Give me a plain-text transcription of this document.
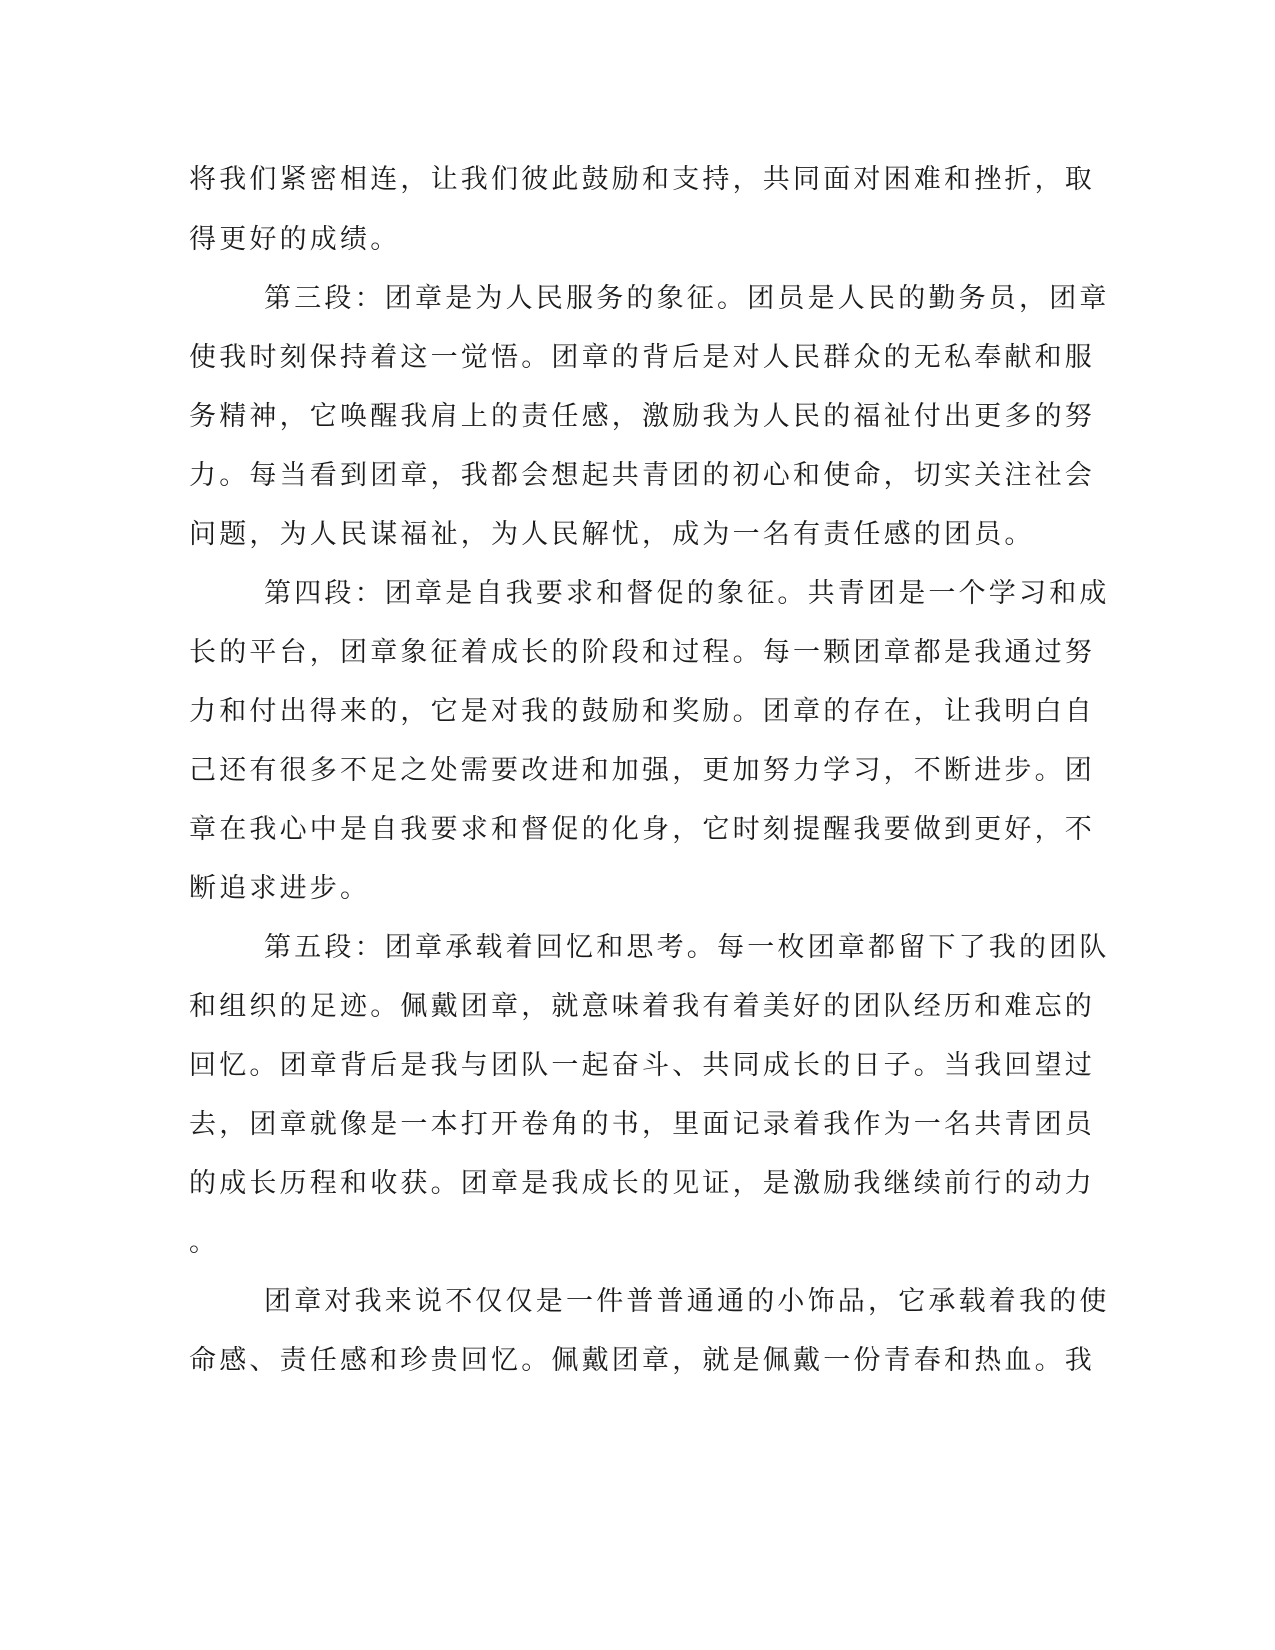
将我们紧密相连，让我们彼此鼓励和支持，共同面对困难和挫折，取
得更好的成绩。
第三段：团章是为人民服务的象征。团员是人民的勤务员，团章
使我时刻保持着这一觉悟。团章的背后是对人民群众的无私奉献和服
务精神，它唤醒我肩上的责任感，激励我为人民的福祉付出更多的努
力。每当看到团章，我都会想起共青团的初心和使命，切实关注社会
问题，为人民谋福祉，为人民解忧，成为一名有责任感的团员。
第四段：团章是自我要求和督促的象征。共青团是一个学习和成
长的平台，团章象征着成长的阶段和过程。每一颗团章都是我通过努
力和付出得来的，它是对我的鼓励和奖励。团章的存在，让我明白自
己还有很多不足之处需要改进和加强，更加努力学习，不断进步。团
章在我心中是自我要求和督促的化身，它时刻提醒我要做到更好，不
断追求进步。
第五段：团章承载着回忆和思考。每一枚团章都留下了我的团队
和组织的足迹。佩戴团章，就意味着我有着美好的团队经历和难忘的
回忆。团章背后是我与团队一起奋斗、共同成长的日子。当我回望过
去，团章就像是一本打开卷角的书，里面记录着我作为一名共青团员
的成长历程和收获。团章是我成长的见证，是激励我继续前行的动力
。
团章对我来说不仅仅是一件普普通通的小饰品，它承载着我的使
命感、责任感和珍贵回忆。佩戴团章，就是佩戴一份青春和热血。我
